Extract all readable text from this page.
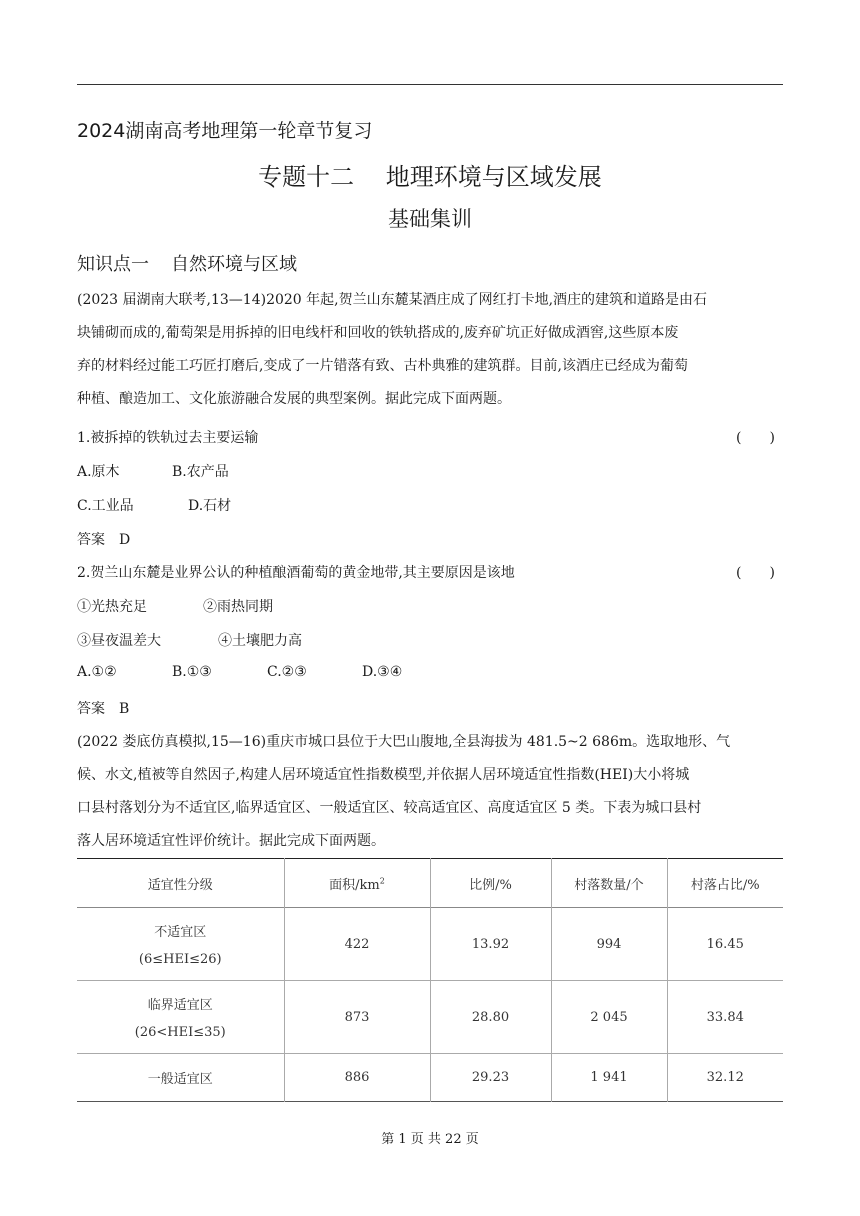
2024湖南高考地理第一轮章节复习
专题十二　 地理环境与区域发展
基础集训
知识点一 自然环境与区域
(2023 届湖南大联考,13—14)2020 年起,贺兰山东麓某酒庄成了网红打卡地,酒庄的建筑和道路是由石
块铺砌而成的,葡萄架是用拆掉的旧电线杆和回收的铁轨搭成的,废弃矿坑正好做成酒窖,这些原本废
弃的材料经过能工巧匠打磨后,变成了一片错落有致、古朴典雅的建筑群。目前,该酒庄已经成为葡萄
种植、酿造加工、文化旅游融合发展的典型案例。据此完成下面两题。
1.被拆掉的铁轨过去主要运输	(　　)
A.原木	B.农产品
C.工业品	D.石材
答案　D
2.贺兰山东麓是业界公认的种植酿酒葡萄的黄金地带,其主要原因是该地	(　　)
①光热充足	②雨热同期
③昼夜温差大	④土壤肥力高
A.①②	B.①③	C.②③	D.③④
答案　B
(2022 娄底仿真模拟,15—16)重庆市城口县位于大巴山腹地,全县海拔为 481.5~2 686m。选取地形、气
候、水文,植被等自然因子,构建人居环境适宜性指数模型,并依据人居环境适宜性指数(HEI)大小将城
口县村落划分为不适宜区,临界适宜区、一般适宜区、较高适宜区、高度适宜区 5 类。下表为城口县村
落人居环境适宜性评价统计。据此完成下面两题。
适宜性分级	面积$/km^2$	比例/%	村落数量/个	村落占比/%
不适宜区
(6≤HEI≤26)	422	13.92	994	16.45
临界适宜区
(26<HEI≤35)	873	28.80	2 045	33.84
一般适宜区	886	29.23	1 941	32.12
第 1 页 共 22 页
